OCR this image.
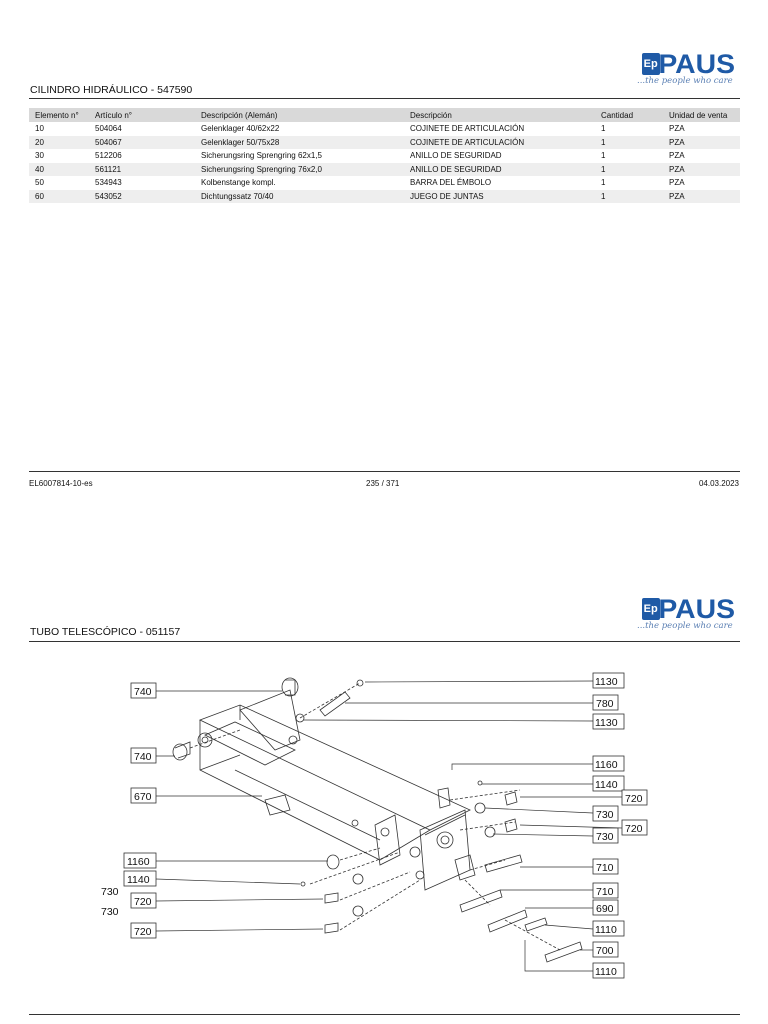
Ep PAUS
...the people who care
CILINDRO HIDRÁULICO - 547590
Elemento n°	Artículo n°	Descripción (Alemán)	Descripción	Cantidad	Unidad de venta
10	504064	Gelenklager 40/62x22	COJINETE DE ARTICULACIÓN	1	PZA
20	504067	Gelenklager 50/75x28	COJINETE DE ARTICULACIÓN	1	PZA
30	512206	Sicherungsring Sprengring 62x1,5	ANILLO DE SEGURIDAD	1	PZA
40	561121	Sicherungsring Sprengring 76x2,0	ANILLO DE SEGURIDAD	1	PZA
50	534943	Kolbenstange kompl.	BARRA DEL ÉMBOLO	1	PZA
60	543052	Dichtungssatz 70/40	JUEGO DE JUNTAS	1	PZA
EL6007814-10-es	235 / 371	04.03.2023
Ep PAUS
...the people who care
TUBO TELESCÓPICO - 051157
740
740
670
1160
1140
730
720
730
720
1130
780
1130
1160
1140
720
730
720
730
710
710
690
1110
700
1110
